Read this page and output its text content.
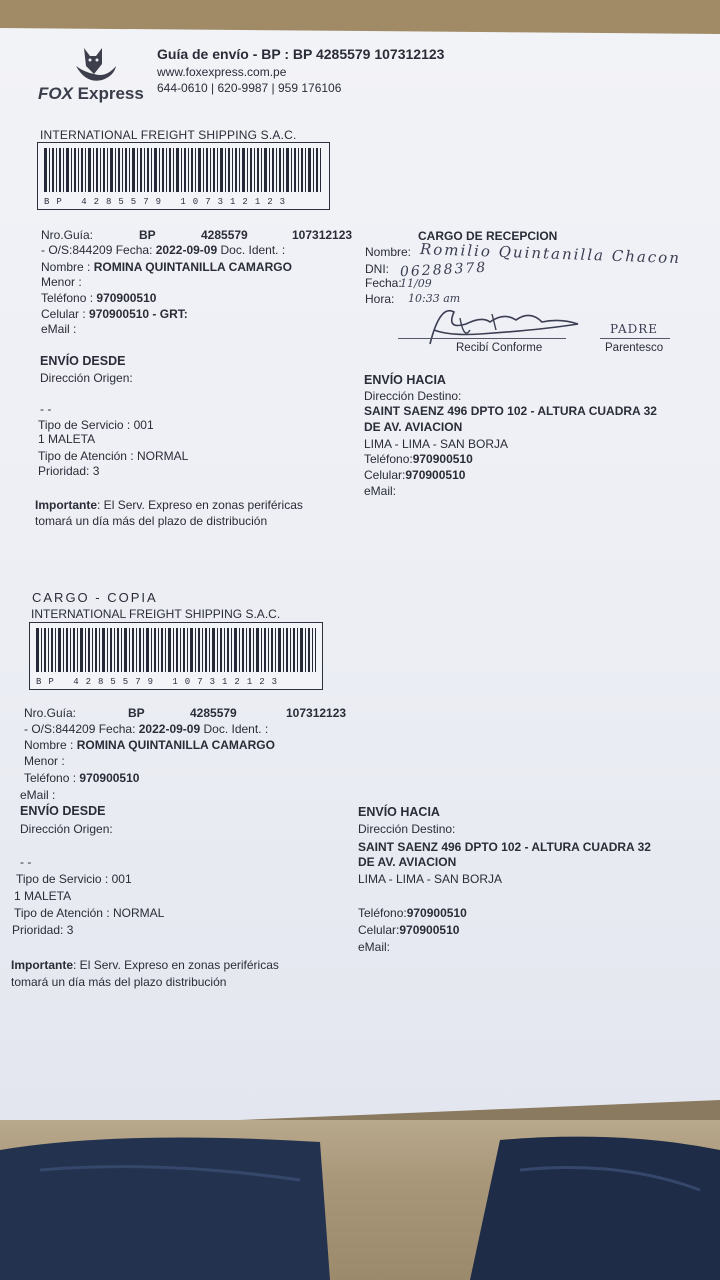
FOX Express
Guía de envío - BP : BP 4285579 107312123
www.foxexpress.com.pe
644-0610 | 620-9987 | 959 176106
INTERNATIONAL FREIGHT SHIPPING S.A.C.
BP 4285579 107312123
Nro.Guía:	BP	4285579	107312123
- O/S:844209 Fecha: 2022-09-09 Doc. Ident. :
Nombre : ROMINA QUINTANILLA CAMARGO
Menor :
Teléfono : 970900510
Celular : 970900510 - GRT:
eMail :
ENVÍO DESDE
Dirección Origen:
- -
Tipo de Servicio : 001
1 MALETA
Tipo de Atención : NORMAL
Prioridad: 3
Importante: El Serv. Expreso en zonas periféricas
tomará un día más del plazo de distribución
CARGO DE RECEPCION
Nombre: Romilio Quintanilla Chacon
DNI: 06288378
Fecha:
11/09
Hora: 10:33 am
PADRE
Recibí Conforme	Parentesco
ENVÍO HACIA
Dirección Destino:
SAINT SAENZ 496 DPTO 102 - ALTURA CUADRA 32
DE AV. AVIACION
LIMA - LIMA - SAN BORJA
Teléfono:970900510
Celular:970900510
eMail:
CARGO - COPIA
INTERNATIONAL FREIGHT SHIPPING S.A.C.
BP 4285579 107312123
Nro.Guía:	BP	4285579	107312123
- O/S:844209 Fecha: 2022-09-09 Doc. Ident. :
Nombre : ROMINA QUINTANILLA CAMARGO
Menor :
Teléfono : 970900510
eMail :
ENVÍO DESDE
Dirección Origen:
- -
Tipo de Servicio : 001
1 MALETA
Tipo de Atención : NORMAL
Prioridad: 3
Importante: El Serv. Expreso en zonas periféricas
tomará un día más del plazo distribución
ENVÍO HACIA
Dirección Destino:
SAINT SAENZ 496 DPTO 102 - ALTURA CUADRA 32
DE AV. AVIACION
LIMA - LIMA - SAN BORJA
Teléfono:970900510
Celular:970900510
eMail:
